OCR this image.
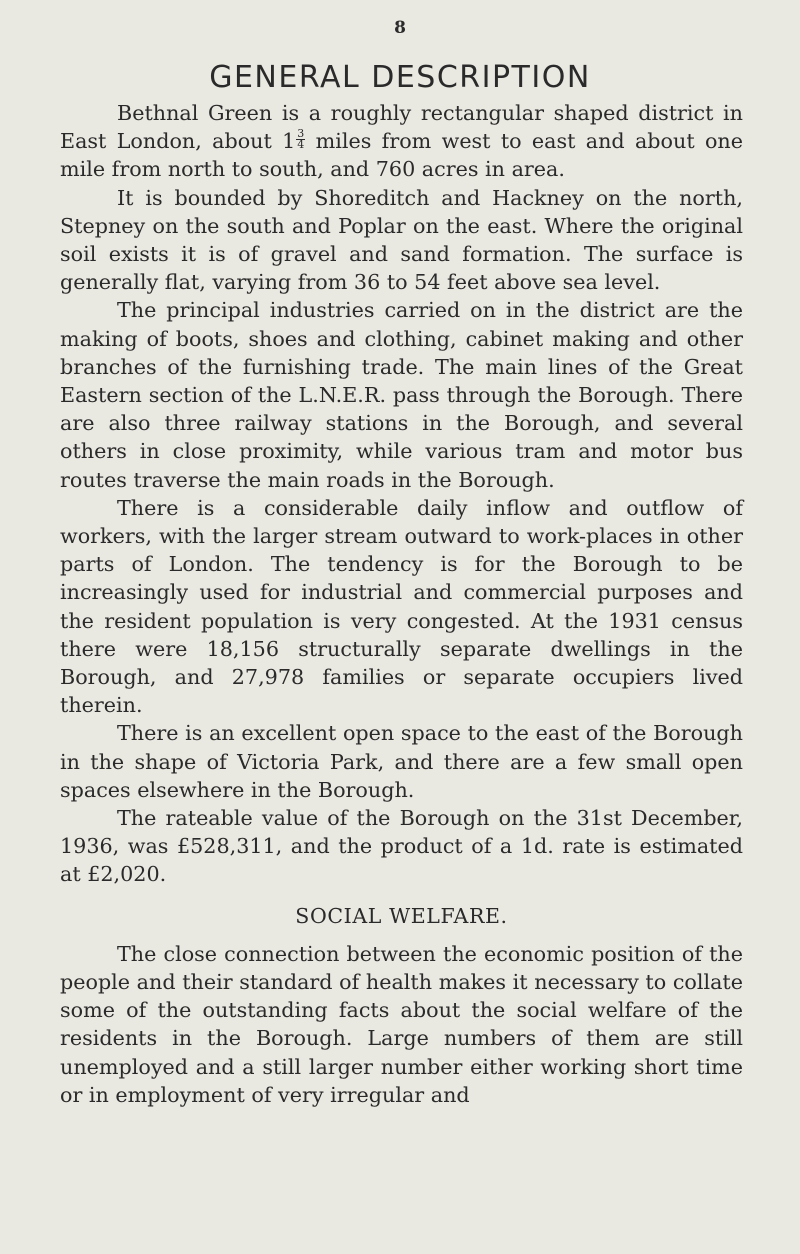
8
GENERAL DESCRIPTION

Bethnal Green is a roughly rectangular shaped district in East London, about $1 \frac{3}{4}$ miles from west to east and about one mile from north to south, and 760 acres in area.

It is bounded by Shoreditch and Hackney on the north, Stepney on the south and Poplar on the east. Where the original soil exists it is of gravel and sand formation. The surface is generally flat, varying from 36 to 54 feet above sea level.

The principal industries carried on in the district are the making of boots, shoes and clothing, cabinet making and other branches of the furnishing trade. The main lines of the Great Eastern section of the L.N.E.R. pass through the Borough. There are also three railway stations in the Borough, and several others in close proximity, while various tram and motor bus routes traverse the main roads in the Borough.

There is a considerable daily inflow and outflow of workers, with the larger stream outward to work-places in other parts of London. The tendency is for the Borough to be increasingly used for industrial and commercial purposes and the resident population is very congested. At the 1931 census there were 18,156 structurally separate dwellings in the Borough, and 27,978 families or separate occupiers lived therein.

There is an excellent open space to the east of the Borough in the shape of Victoria Park, and there are a few small open spaces elsewhere in the Borough.

The rateable value of the Borough on the 31st December, 1936, was £528,311, and the product of a 1d. rate is estimated at £2,020.

SOCIAL WELFARE.

The close connection between the economic position of the people and their standard of health makes it necessary to collate some of the outstanding facts about the social welfare of the residents in the Borough. Large numbers of them are still unemployed and a still larger number either working short time or in employment of very irregular and
